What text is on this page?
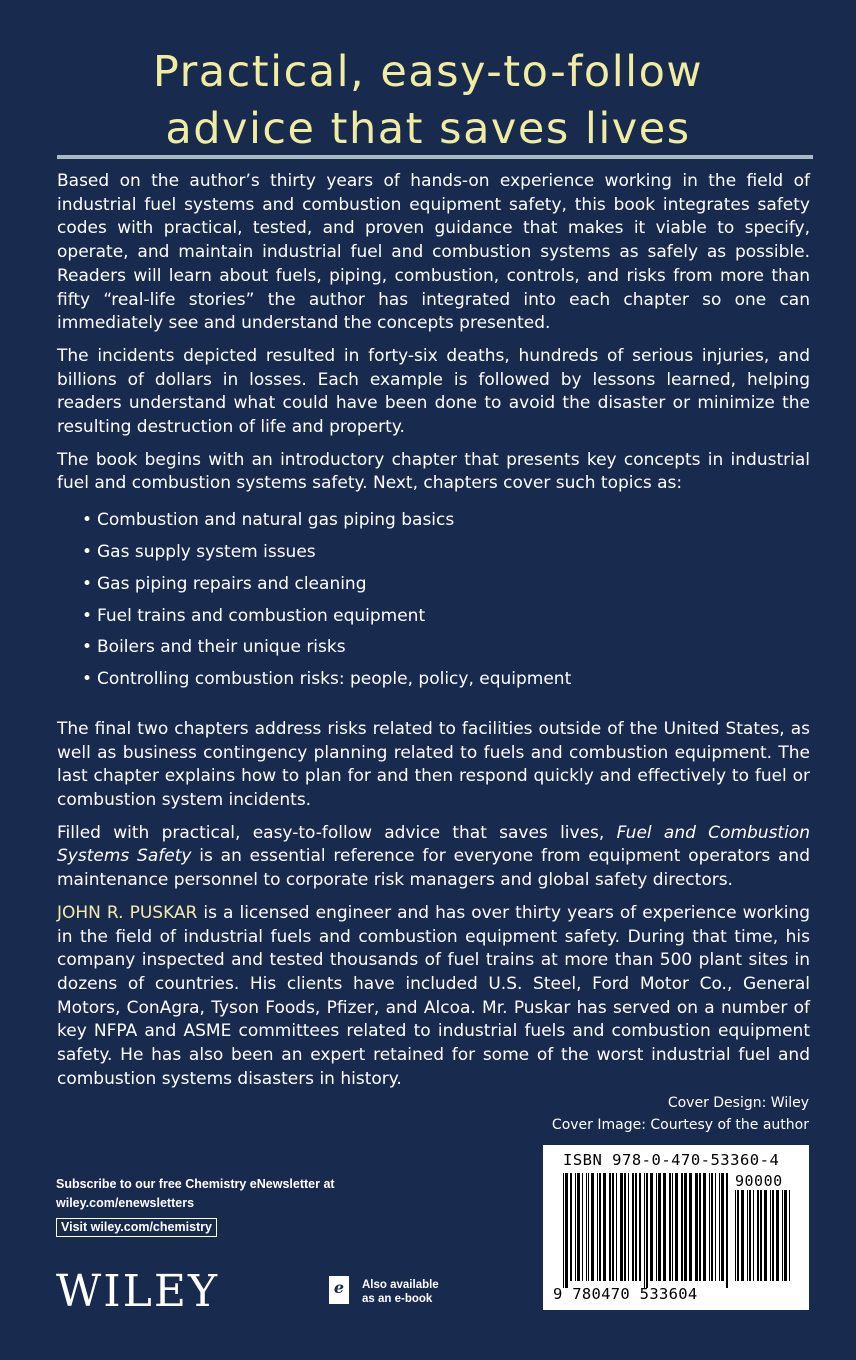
Practical, easy-to-follow
advice that saves lives

Based on the author’s thirty years of hands-on experience working in the field of industrial fuel systems and combustion equipment safety, this book integrates safety codes with practical, tested, and proven guidance that makes it viable to specify, operate, and maintain industrial fuel and combustion systems as safely as possible. Readers will learn about fuels, piping, combustion, controls, and risks from more than fifty “real-life stories” the author has integrated into each chapter so one can immediately see and understand the concepts presented.

The incidents depicted resulted in forty-six deaths, hundreds of serious injuries, and billions of dollars in losses. Each example is followed by lessons learned, helping readers understand what could have been done to avoid the disaster or minimize the resulting destruction of life and property.

The book begins with an introductory chapter that presents key concepts in industrial fuel and combustion systems safety. Next, chapters cover such topics as:

• Combustion and natural gas piping basics
• Gas supply system issues
• Gas piping repairs and cleaning
• Fuel trains and combustion equipment
• Boilers and their unique risks
• Controlling combustion risks: people, policy, equipment

The final two chapters address risks related to facilities outside of the United States, as well as business contingency planning related to fuels and combustion equipment. The last chapter explains how to plan for and then respond quickly and effectively to fuel or combustion system incidents.

Filled with practical, easy-to-follow advice that saves lives, Fuel and Combustion Systems Safety is an essential reference for everyone from equipment operators and maintenance personnel to corporate risk managers and global safety directors.

JOHN R. PUSKAR is a licensed engineer and has over thirty years of experience working in the field of industrial fuels and combustion equipment safety. During that time, his company inspected and tested thousands of fuel trains at more than 500 plant sites in dozens of countries. His clients have included U.S. Steel, Ford Motor Co., General Motors, ConAgra, Tyson Foods, Pfizer, and Alcoa. Mr. Puskar has served on a number of key NFPA and ASME committees related to industrial fuels and combustion equipment safety. He has also been an expert retained for some of the worst industrial fuel and combustion systems disasters in history.

Cover Design: Wiley
Cover Image: Courtesy of the author
Subscribe to our free Chemistry eNewsletter at
wiley.com/enewsletters
Visit wiley.com/chemistry
WILEY	e	Also available
as an e-book
ISBN 978-0-470-53360-4
90000
9 780470 533604
